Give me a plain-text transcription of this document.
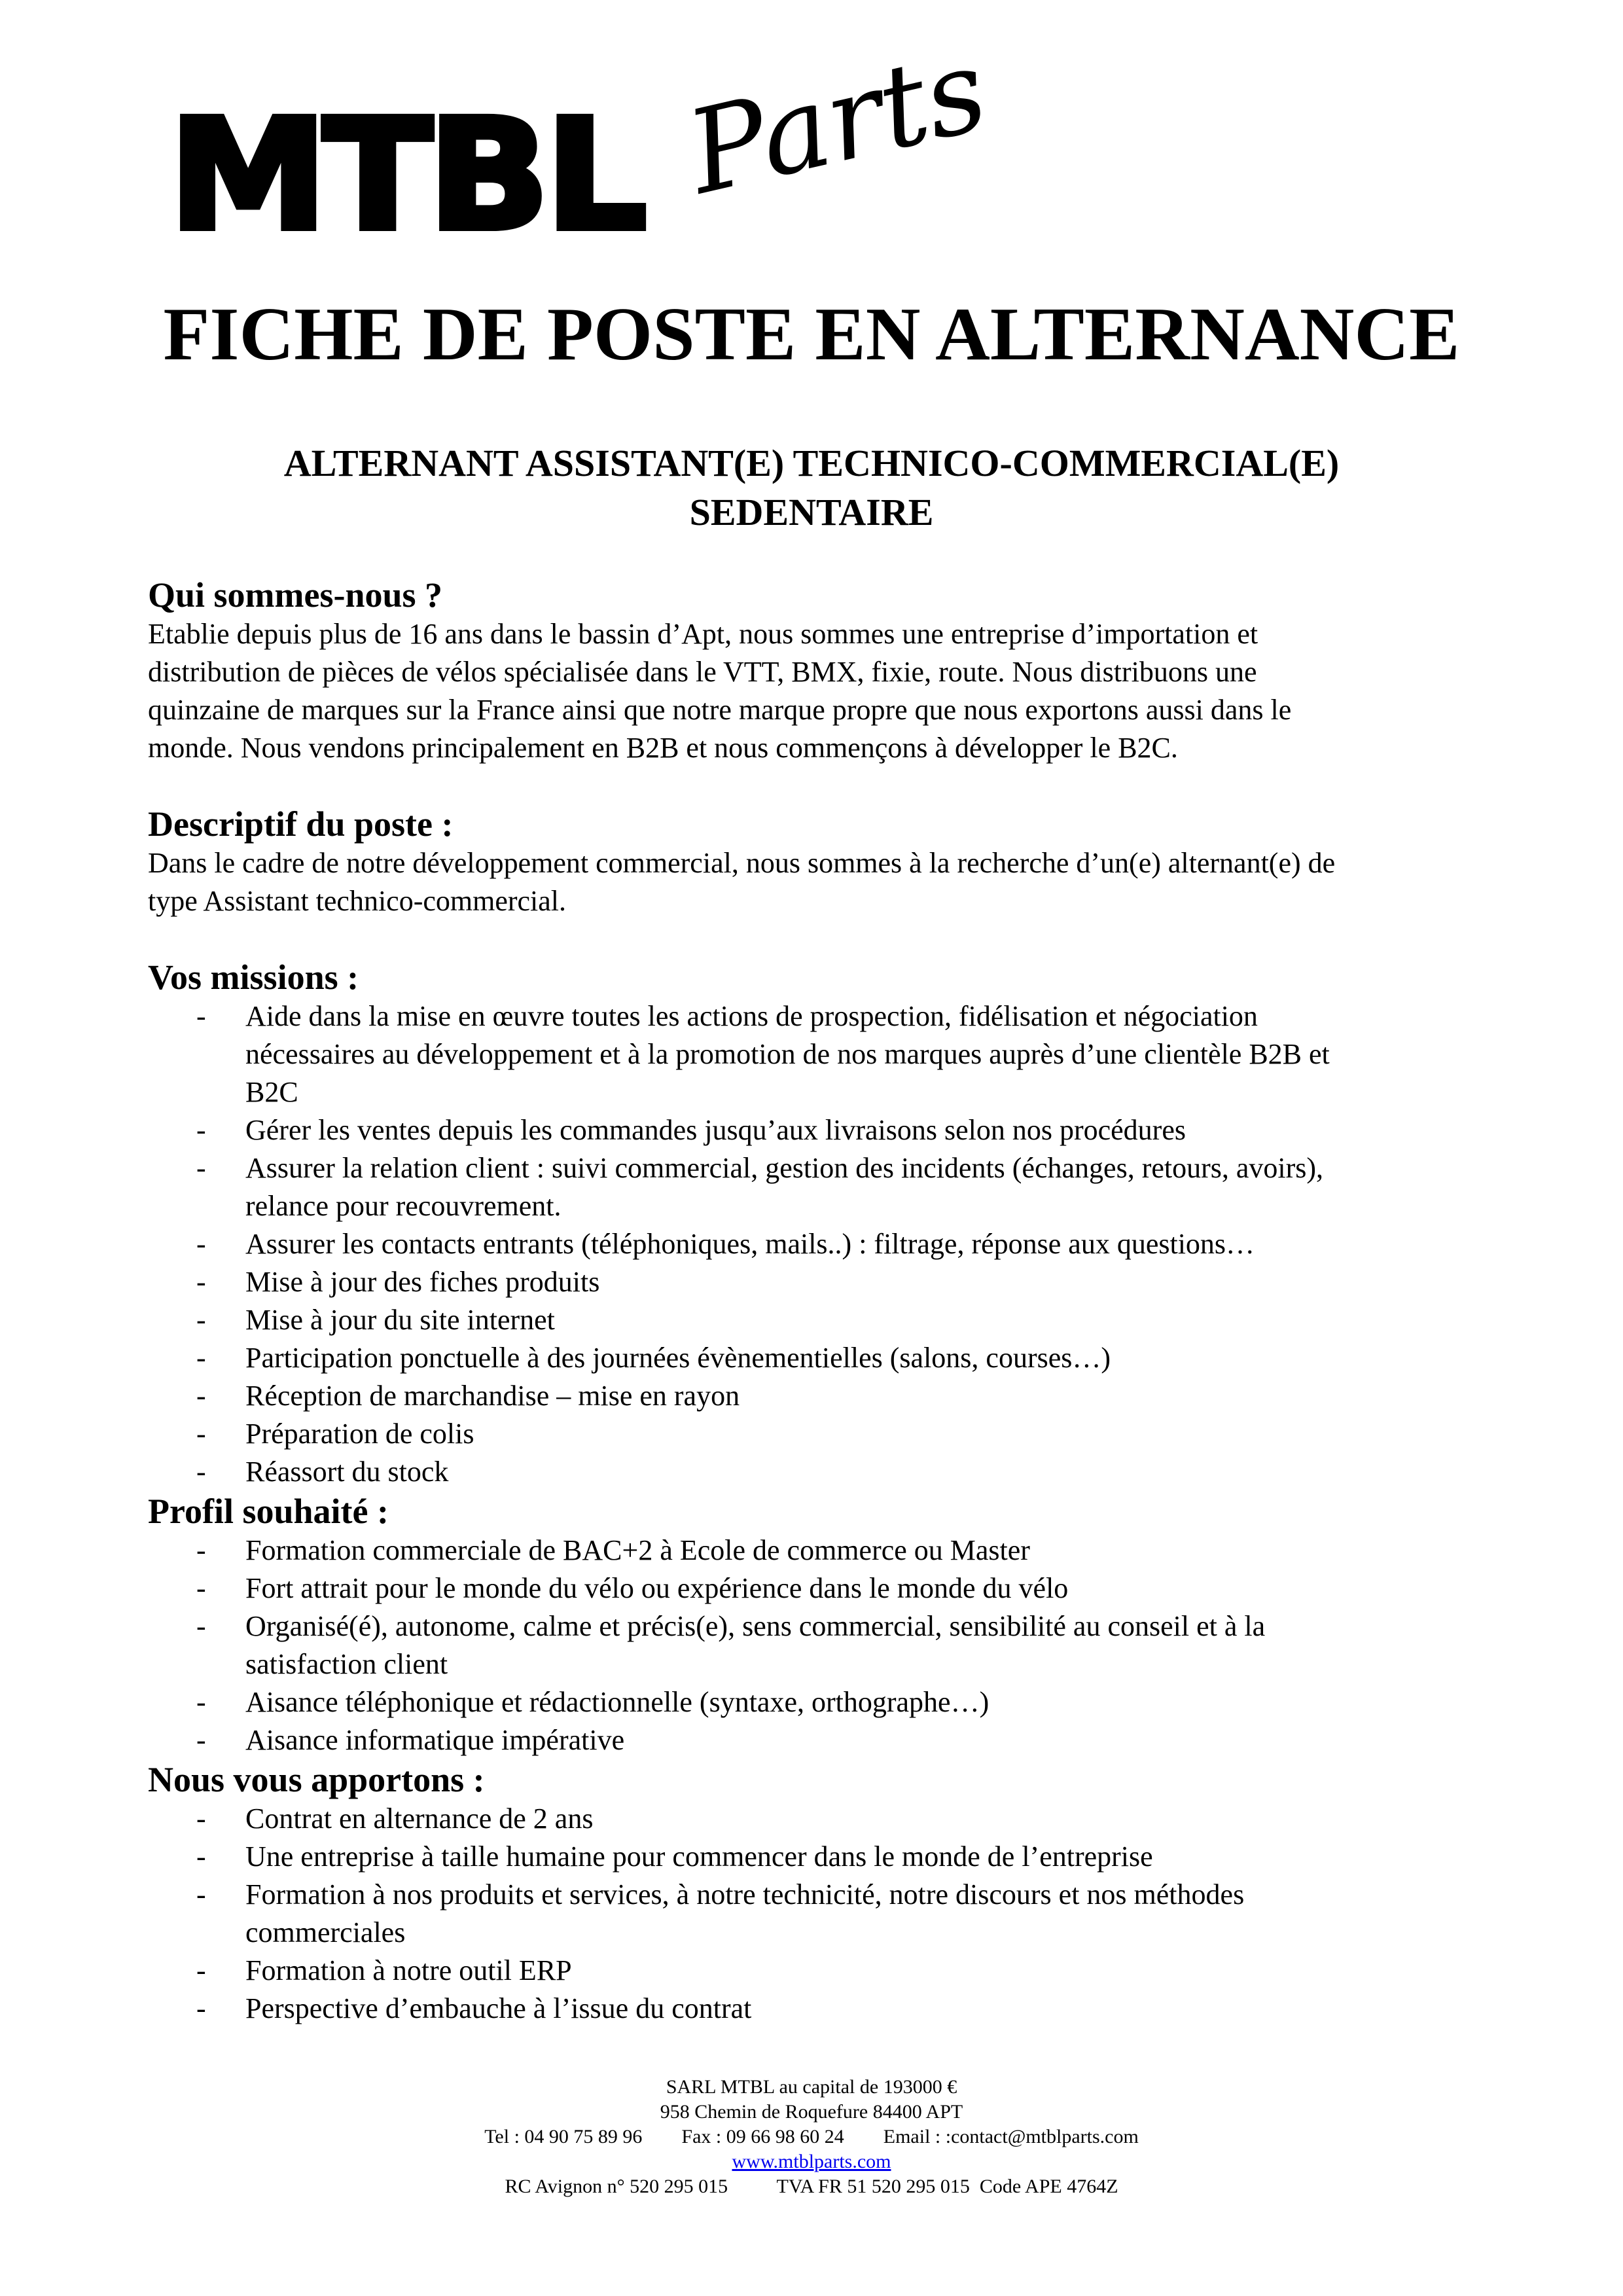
MTBL Parts
FICHE DE POSTE EN ALTERNANCE
ALTERNANT ASSISTANT(E) TECHNICO-COMMERCIAL(E)
SEDENTAIRE
Qui sommes-nous ?

Etablie depuis plus de 16 ans dans le bassin d’Apt, nous sommes une entreprise d’importation et

distribution de pièces de vélos spécialisée dans le VTT, BMX, fixie, route. Nous distribuons une

quinzaine de marques sur la France ainsi que notre marque propre que nous exportons aussi dans le

monde. Nous vendons principalement en B2B et nous commençons à développer le B2C.

Descriptif du poste :

Dans le cadre de notre développement commercial, nous sommes à la recherche d’un(e) alternant(e) de

type Assistant technico-commercial.

Vos missions :
- Aide dans la mise en œuvre toutes les actions de prospection, fidélisation et négociation
nécessaires au développement et à la promotion de nos marques auprès d’une clientèle B2B et
B2C
- Gérer les ventes depuis les commandes jusqu’aux livraisons selon nos procédures
- Assurer la relation client : suivi commercial, gestion des incidents (échanges, retours, avoirs),
relance pour recouvrement.
- Assurer les contacts entrants (téléphoniques, mails..) : filtrage, réponse aux questions…
- Mise à jour des fiches produits
- Mise à jour du site internet
- Participation ponctuelle à des journées évènementielles (salons, courses…)
- Réception de marchandise – mise en rayon
- Préparation de colis
- Réassort du stock
Profil souhaité :
- Formation commerciale de BAC+2 à Ecole de commerce ou Master
- Fort attrait pour le monde du vélo ou expérience dans le monde du vélo
- Organisé(é), autonome, calme et précis(e), sens commercial, sensibilité au conseil et à la
satisfaction client
- Aisance téléphonique et rédactionnelle (syntaxe, orthographe…)
- Aisance informatique impérative
Nous vous apportons :
- Contrat en alternance de 2 ans
- Une entreprise à taille humaine pour commencer dans le monde de l’entreprise
- Formation à nos produits et services, à notre technicité, notre discours et nos méthodes
commerciales
- Formation à notre outil ERP
- Perspective d’embauche à l’issue du contrat
SARL MTBL au capital de 193000 €
958 Chemin de Roquefure 84400 APT
Tel : 04 90 75 89 96 Fax : 09 66 98 60 24 Email : :contact@mtblparts.com
www.mtblparts.com
RC Avignon n° 520 295 015 TVA FR 51 520 295 015 Code APE 4764Z
